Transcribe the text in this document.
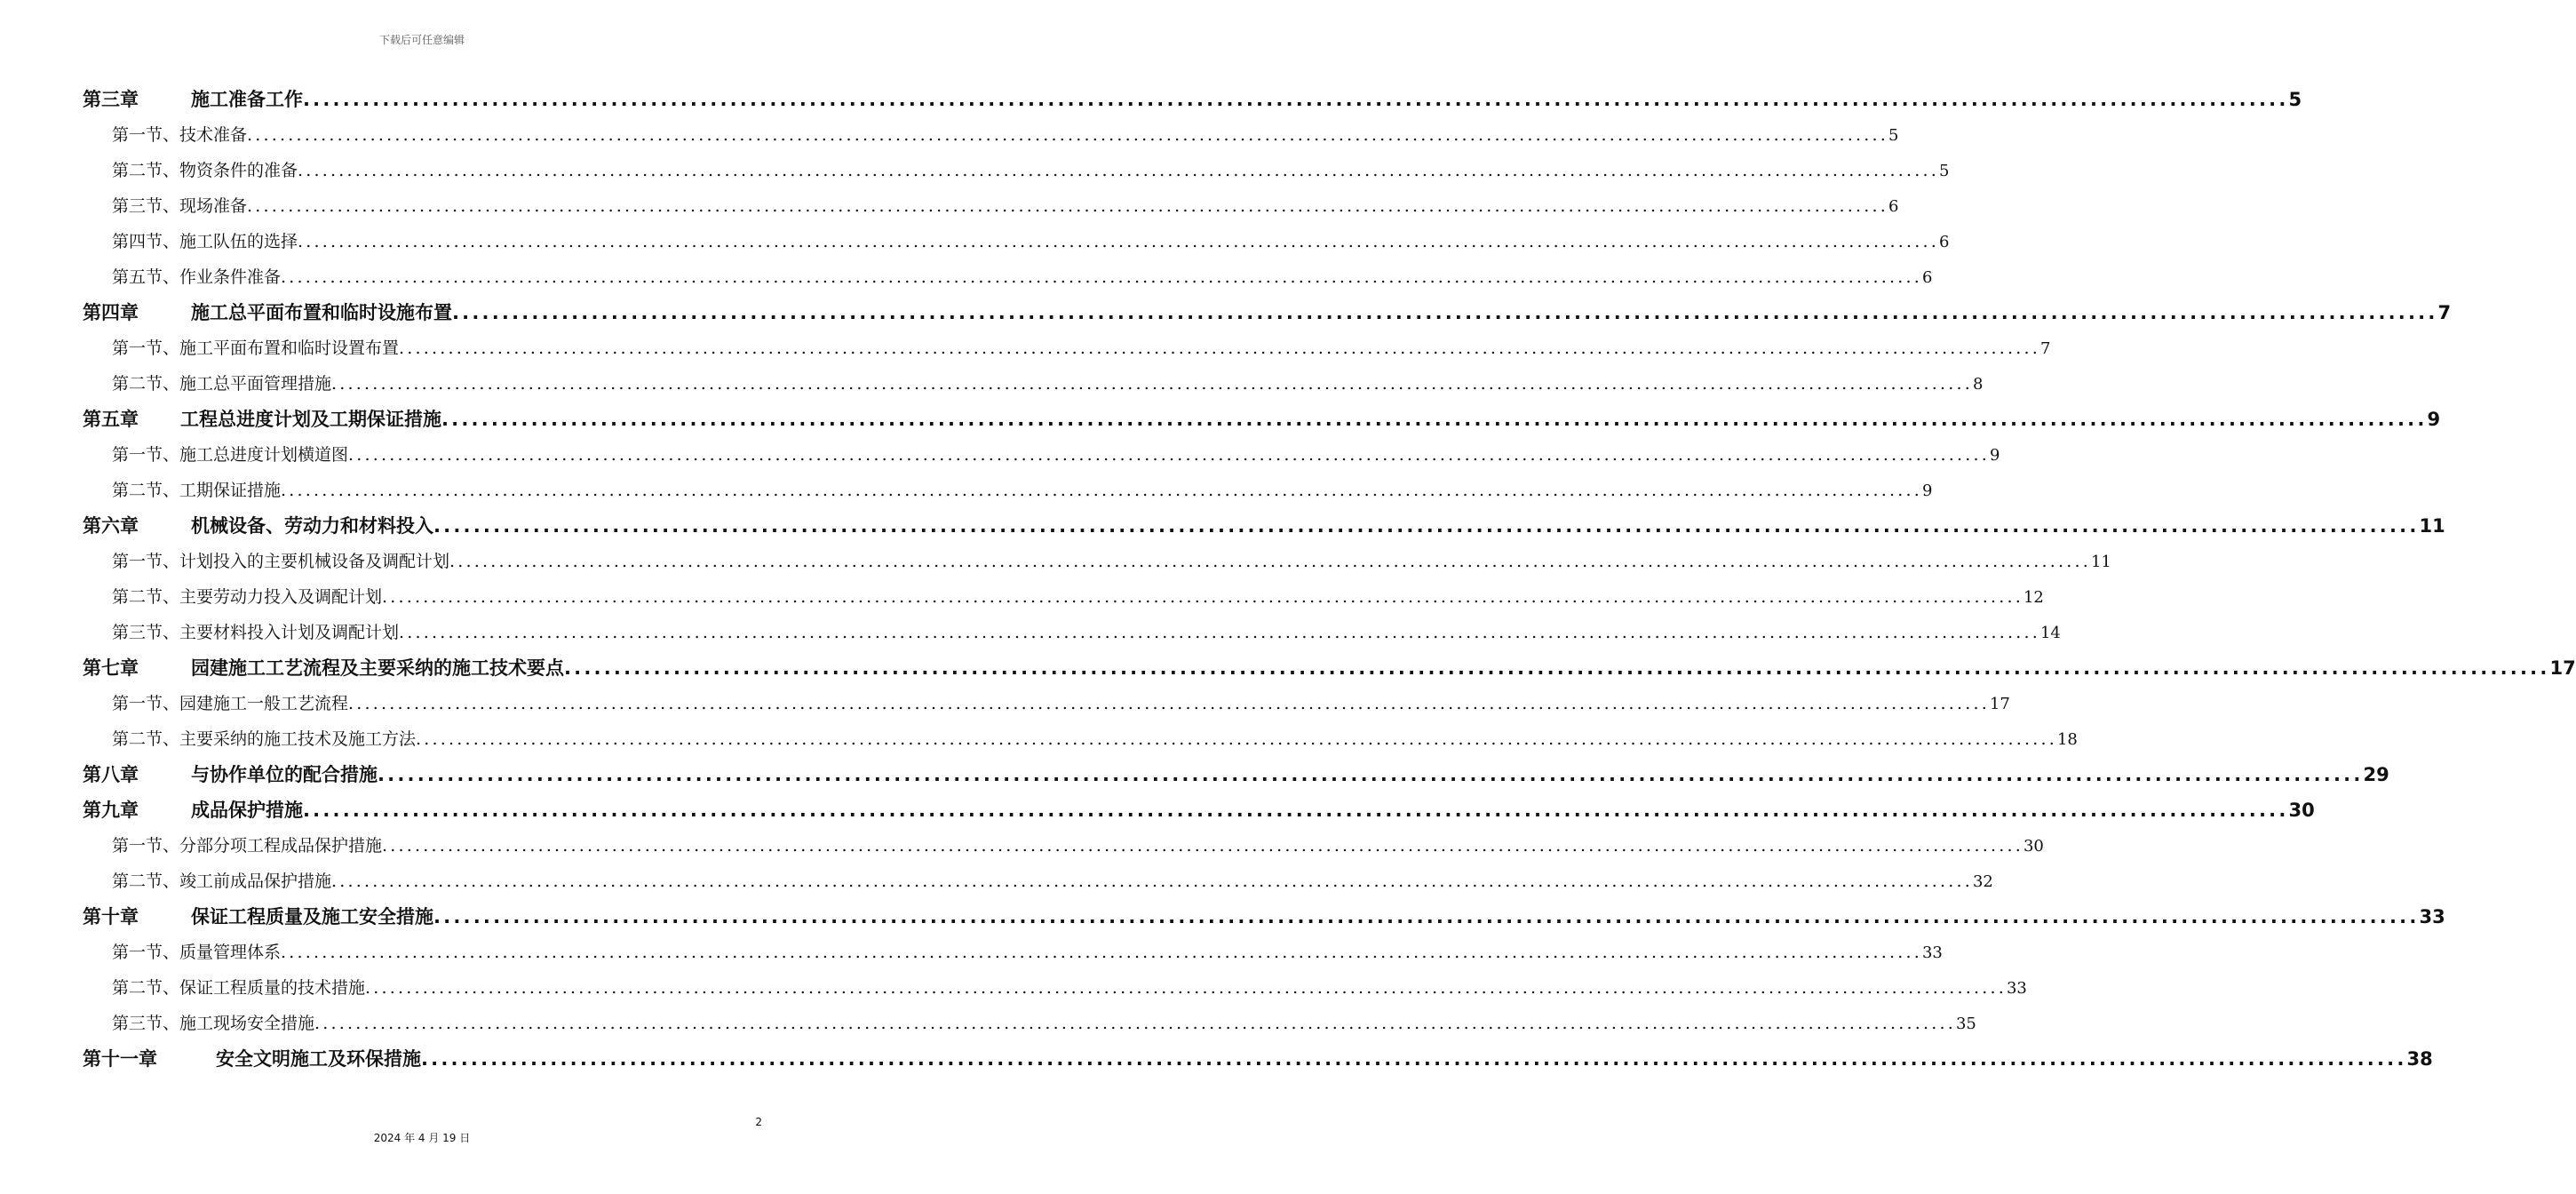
下载后可任意编辑
第三章	施工准备工作 ........................................................................................................................................................................................................ 5
第一节、 技术准备 ........................................................................................................................................................................................................ 5
第二节、 物资条件的准备 ........................................................................................................................................................................................................ 5
第三节、 现场准备 ........................................................................................................................................................................................................ 6
第四节、 施工队伍的选择 ........................................................................................................................................................................................................ 6
第五节、 作业条件准备 ........................................................................................................................................................................................................ 6
第四章	施工总平面布置和临时设施布置 ........................................................................................................................................................................................................ 7
第一节、 施工平面布置和临时设置布置 ........................................................................................................................................................................................................ 7
第二节、 施工总平面管理措施 ........................................................................................................................................................................................................ 8
第五章	工程总进度计划及工期保证措施 ........................................................................................................................................................................................................ 9
第一节、 施工总进度计划横道图 ........................................................................................................................................................................................................ 9
第二节、 工期保证措施 ........................................................................................................................................................................................................ 9
第六章	机械设备、劳动力和材料投入 ........................................................................................................................................................................................................ 11
第一节、 计划投入的主要机械设备及调配计划 ........................................................................................................................................................................................................ 11
第二节、 主要劳动力投入及调配计划 ........................................................................................................................................................................................................ 12
第三节、 主要材料投入计划及调配计划 ........................................................................................................................................................................................................ 14
第七章	园建施工工艺流程及主要采纳的施工技术要点 ........................................................................................................................................................................................................ 17
第一节、 园建施工一般工艺流程 ........................................................................................................................................................................................................ 17
第二节、 主要采纳的施工技术及施工方法 ........................................................................................................................................................................................................ 18
第八章	与协作单位的配合措施 ........................................................................................................................................................................................................ 29
第九章	成品保护措施 ........................................................................................................................................................................................................ 30
第一节、 分部分项工程成品保护措施 ........................................................................................................................................................................................................ 30
第二节、 竣工前成品保护措施 ........................................................................................................................................................................................................ 32
第十章	保证工程质量及施工安全措施 ........................................................................................................................................................................................................ 33
第一节、 质量管理体系 ........................................................................................................................................................................................................ 33
第二节、 保证工程质量的技术措施 ........................................................................................................................................................................................................ 33
第三节、 施工现场安全措施 ........................................................................................................................................................................................................ 35
第十一章	安全文明施工及环保措施 ........................................................................................................................................................................................................ 38
2
2024 年 4 月 19 日
